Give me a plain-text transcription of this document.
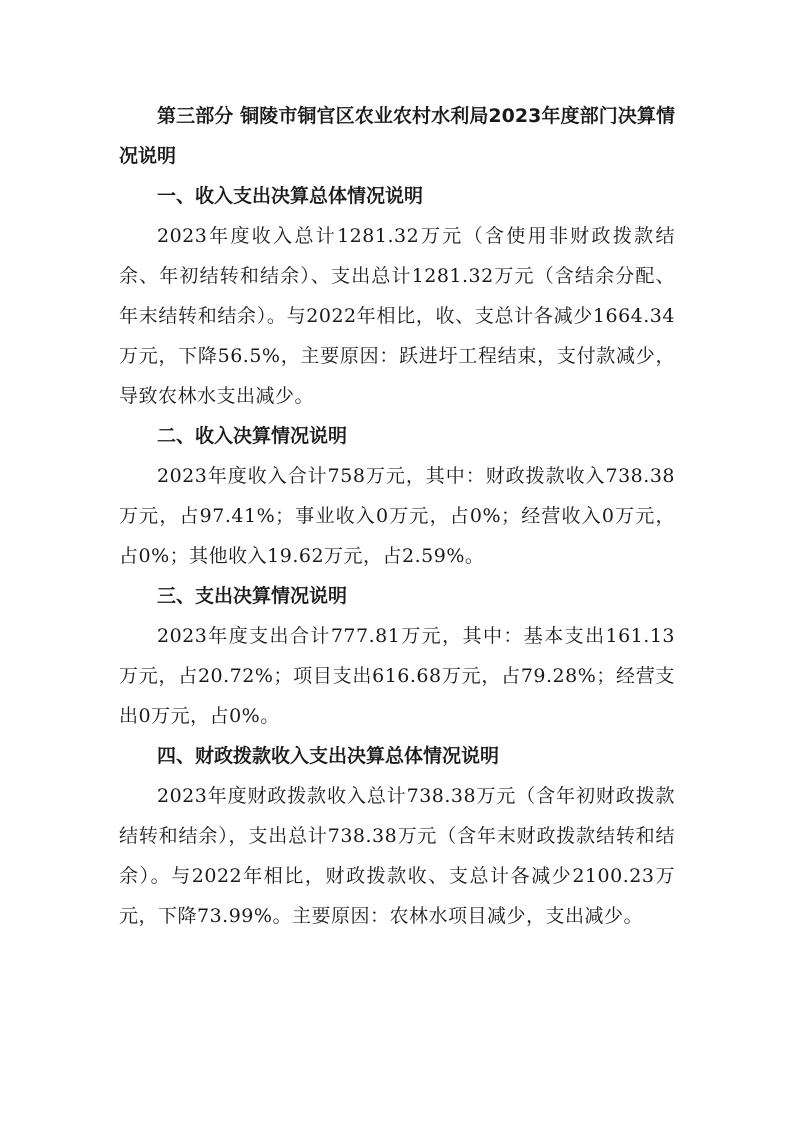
第三部分 铜陵市铜官区农业农村水利局2023年度部门决算情况说明

一、收入支出决算总体情况说明

2023年度收入总计1281.32万元（含使用非财政拨款结余、年初结转和结余）、支出总计1281.32万元（含结余分配、年末结转和结余）。与2022年相比，收、支总计各减少1664.34万元，下降56.5%，主要原因：跃进圩工程结束，支付款减少，导致农林水支出减少。

二、收入决算情况说明

2023年度收入合计758万元，其中：财政拨款收入738.38万元，占97.41%；事业收入0万元，占0%；经营收入0万元，占0%；其他收入19.62万元，占2.59%。

三、支出决算情况说明

2023年度支出合计777.81万元，其中：基本支出161.13万元，占20.72%；项目支出616.68万元，占79.28%；经营支出0万元，占0%。

四、财政拨款收入支出决算总体情况说明

2023年度财政拨款收入总计738.38万元（含年初财政拨款结转和结余），支出总计738.38万元（含年末财政拨款结转和结余）。与2022年相比，财政拨款收、支总计各减少2100.23万元，下降73.99%。主要原因：农林水项目减少，支出减少。
